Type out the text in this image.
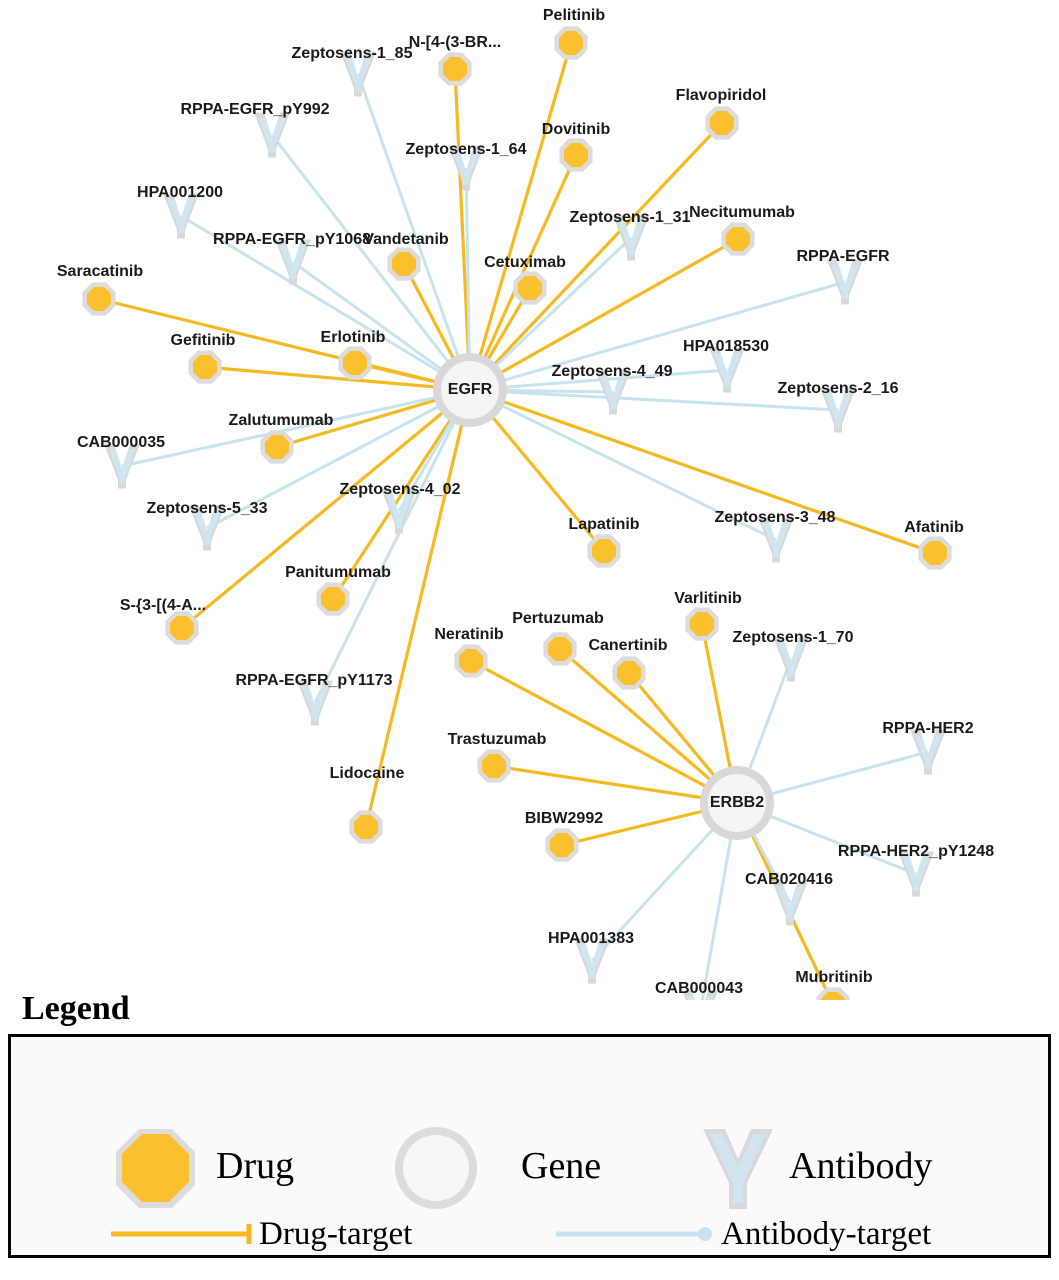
Zeptosens-1_85
RPPA-EGFR_pY992
Zeptosens-1_64
HPA001200
Zeptosens-1_31
RPPA-EGFR_pY1068
RPPA-EGFR
HPA018530
Zeptosens-4_49
Zeptosens-2_16
CAB000035
Zeptosens-5_33
Zeptosens-4_02
Zeptosens-3_48
Zeptosens-1_70
RPPA-EGFR_pY1173
RPPA-HER2
RPPA-HER2_pY1248
CAB020416
HPA001383
CAB000043
Pelitinib
N-[4-(3-BR...
Flavopiridol
Dovitinib
Necitumumab
Vandetanib
Cetuximab
Saracatinib
Gefitinib	Erlotinib
Zalutumumab
Afatinib
Lapatinib
Varlitinib
Panitumumab
S-{3-[(4-A...
Pertuzumab
Neratinib
Canertinib
Trastuzumab
Lidocaine
BIBW2992
Mubritinib
EGFR
ERBB2
Legend
Drug	Gene	Antibody
Drug-target	Antibody-target
